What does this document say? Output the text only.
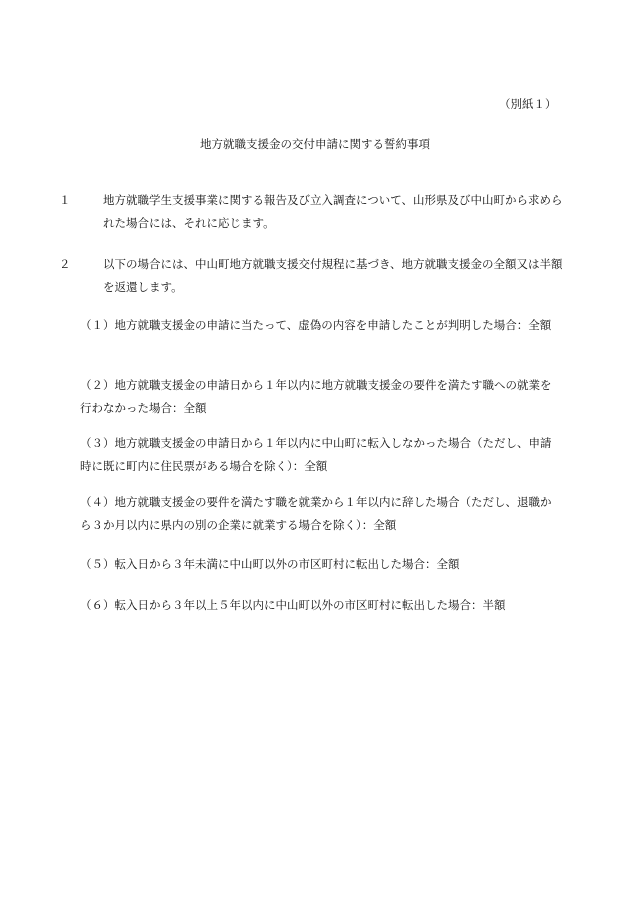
（別紙１）

地方就職支援金の交付申請に関する誓約事項

１	地方就職学生支援事業に関する報告及び立入調査について、山形県及び中山町から求められた場合には、それに応じます。

２	以下の場合には、中山町地方就職支援交付規程に基づき、地方就職支援金の全額又は半額を返還します。

（１）地方就職支援金の申請に当たって、虚偽の内容を申請したことが判明した場合：全額

（２）地方就職支援金の申請日から１年以内に地方就職支援金の要件を満たす職への就業を行わなかった場合：全額

（３）地方就職支援金の申請日から１年以内に中山町に転入しなかった場合（ただし、申請時に既に町内に住民票がある場合を除く）：全額

（４）地方就職支援金の要件を満たす職を就業から１年以内に辞した場合（ただし、退職から３か月以内に県内の別の企業に就業する場合を除く）：全額

（５）転入日から３年未満に中山町以外の市区町村に転出した場合：全額

（６）転入日から３年以上５年以内に中山町以外の市区町村に転出した場合：半額
